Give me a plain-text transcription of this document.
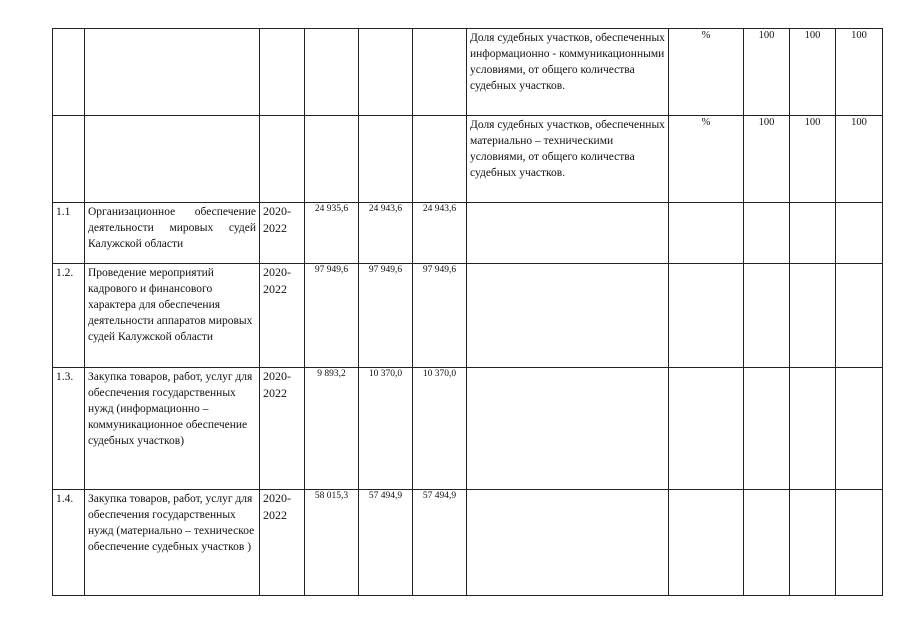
						Доля судебных участков, обеспеченных информационно - коммуникационными условиями, от общего количества судебных участков.	%	100	100	100
						Доля судебных участков, обеспеченных материально – техническими условиями, от общего количества судебных участков.	%	100	100	100
1.1	Организационное обеспечение деятельности мировых судей Калужской области	2020-2022	24 935,6	24 943,6	24 943,6					
1.2.	Проведение мероприятий кадрового и финансового характера для обеспечения деятельности аппаратов мировых судей Калужской области	2020-2022	97 949,6	97 949,6	97 949,6					
1.3.	Закупка товаров, работ, услуг для обеспечения государственных нужд (информационно – коммуникационное обеспечение судебных участков)	2020-2022	9 893,2	10 370,0	10 370,0					
1.4.	Закупка товаров, работ, услуг для обеспечения государственных нужд (материально – техническое обеспечение судебных участков )	2020-2022	58 015,3	57 494,9	57 494,9					
